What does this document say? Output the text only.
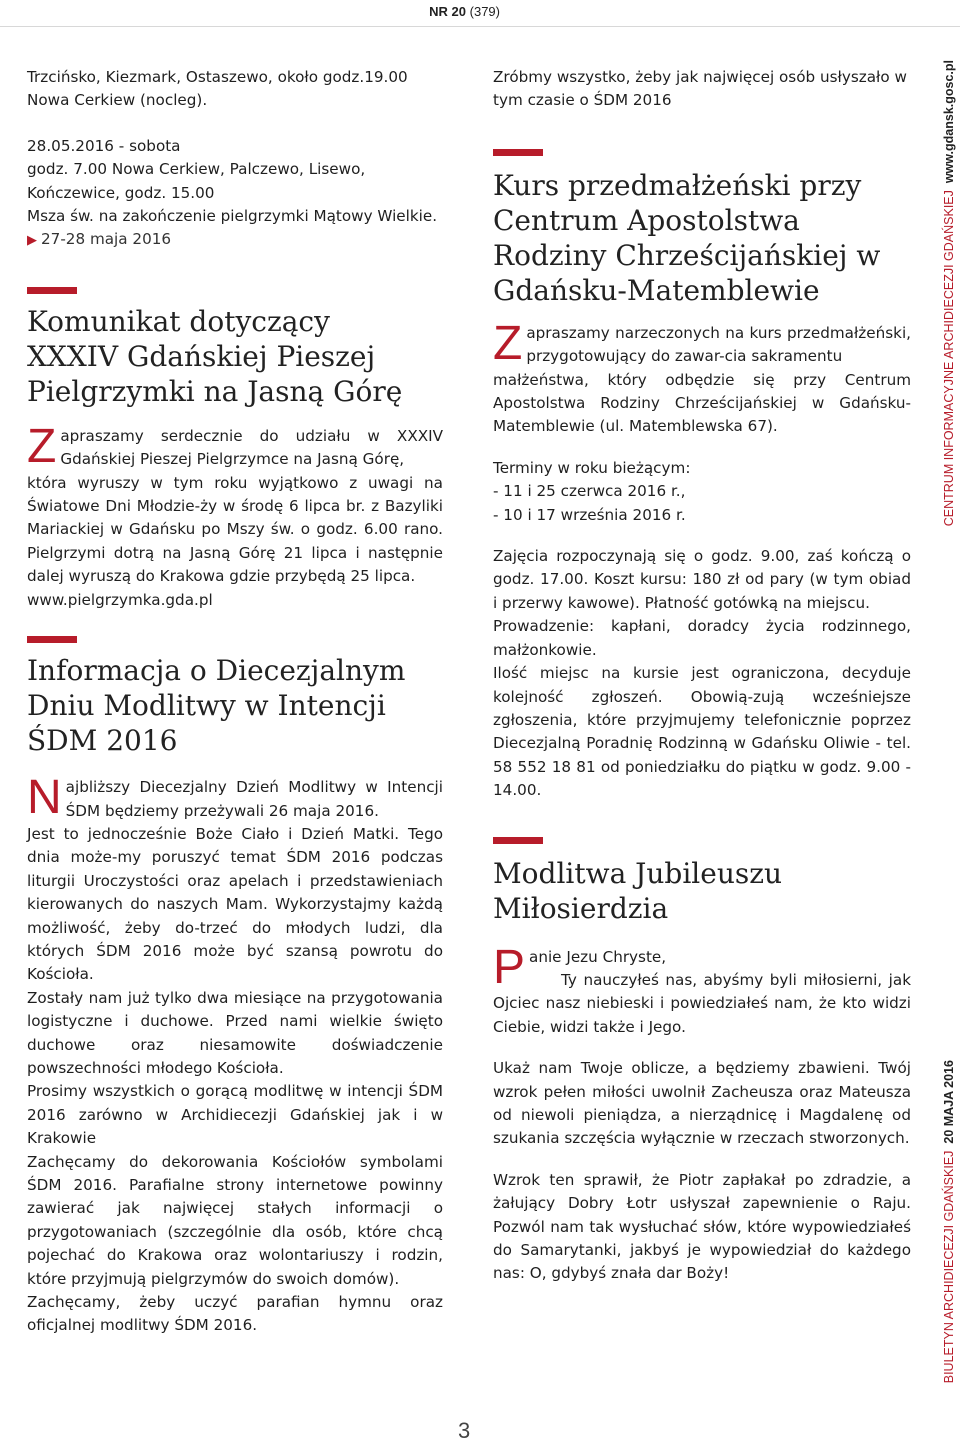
NR 20 (379)

Trzcińsko, Kiezmark, Ostaszewo, około godz.19.00 Nowa Cerkiew (nocleg).

28.05.2016 - sobota

godz. 7.00 Nowa Cerkiew, Palczewo, Lisewo, Kończewice, godz. 15.00

Msza św. na zakończenie pielgrzymki Mątowy Wielkie.

▶ 27-28 maja 2016

Komunikat dotyczący XXXIV Gdańskiej Pieszej Pielgrzymki na Jasną Górę
Z apraszamy serdecznie do udziału w XXXIV Gdańskiej Pieszej Pielgrzymce na Jasną Górę,

która wyruszy w tym roku wyjątkowo z uwagi na Światowe Dni Młodzie-ży w środę 6 lipca br. z Bazyliki Mariackiej w Gdańsku po Mszy św. o godz. 6.00 rano. Pielgrzymi dotrą na Jasną Górę 21 lipca i następnie dalej wyruszą do Krakowa gdzie przybędą 25 lipca.

www.pielgrzymka.gda.pl

Informacja o Diecezjalnym Dniu Modlitwy w Intencji ŚDM 2016
N ajbliższy Diecezjalny Dzień Modlitwy w Intencji ŚDM będziemy przeżywali 26 maja 2016.

Jest to jednocześnie Boże Ciało i Dzień Matki. Tego dnia może-my poruszyć temat ŚDM 2016 podczas liturgii Uroczystości oraz apelach i przedstawieniach kierowanych do naszych Mam. Wykorzystajmy każdą możliwość, żeby do-trzeć do młodych ludzi, dla których ŚDM 2016 może być szansą powrotu do Kościoła.

Zostały nam już tylko dwa miesiące na przygotowania logistyczne i duchowe. Przed nami wielkie święto duchowe oraz niesamowite doświadczenie powszechności młodego Kościoła.

Prosimy wszystkich o gorącą modlitwę w intencji ŚDM 2016 zarówno w Archidiecezji Gdańskiej jak i w Krakowie

Zachęcamy do dekorowania Kościołów symbolami ŚDM 2016. Parafialne strony internetowe powinny zawierać jak najwięcej stałych informacji o przygotowaniach (szczególnie dla osób, które chcą pojechać do Krakowa oraz wolontariuszy i rodzin, które przyjmują pielgrzymów do swoich domów).

Zachęcamy, żeby uczyć parafian hymnu oraz oficjalnej modlitwy ŚDM 2016.

Zróbmy wszystko, żeby jak najwięcej osób usłyszało w tym czasie o ŚDM 2016

Kurs przedmałżeński przy Centrum Apostolstwa Rodziny Chrześcijańskiej w Gdańsku-Matemblewie
Z apraszamy narzeczonych na kurs przedmałżeński, przygotowujący do zawar-cia sakramentu

małżeństwa, który odbędzie się przy Centrum Apostolstwa Rodziny Chrześcijańskiej w Gdańsku-Matemblewie (ul. Matemblewska 67).

Terminy w roku bieżącym:

- 11 i 25 czerwca 2016 r.,

- 10 i 17 września 2016 r.

Zajęcia rozpoczynają się o godz. 9.00, zaś kończą o godz. 17.00. Koszt kursu: 180 zł od pary (w tym obiad i przerwy kawowe). Płatność gotówką na miejscu.

Prowadzenie: kapłani, doradcy życia rodzinnego, małżonkowie.

Ilość miejsc na kursie jest ograniczona, decyduje kolejność zgłoszeń. Obowią-zują wcześniejsze zgłoszenia, które przyjmujemy telefonicznie poprzez Diecezjalną Poradnię Rodzinną w Gdańsku Oliwie - tel. 58 552 18 81 od poniedziałku do piątku w godz. 9.00 - 14.00.

Modlitwa Jubileuszu Miłosierdzia
P anie Jezu Chryste,

Ty nauczyłeś nas, abyśmy byli miłosierni, jak Ojciec nasz niebieski i powiedziałeś nam, że kto widzi Ciebie, widzi także i Jego.

Ukaż nam Twoje oblicze, a będziemy zbawieni. Twój wzrok pełen miłości uwolnił Zacheusza oraz Mateusza od niewoli pieniądza, a nierządnicę i Magdalenę od szukania szczęścia wyłącznie w rzeczach stworzonych.

Wzrok ten sprawił, że Piotr zapłakał po zdradzie, a żałujący Dobry Łotr usłyszał zapewnienie o Raju. Pozwól nam tak wysłuchać słów, które wypowiedziałeś do Samarytanki, jakbyś je wypowiedział do każdego nas: O, gdybyś znała dar Boży!

CENTRUM INFORMACYJNE ARCHIDIECEZJI GDAŃSKIEJ  www.gdansk.gosc.pl
BIULETYN ARCHIDIECEZJI GDAŃSKIEJ  20 MAJA 2016
3
